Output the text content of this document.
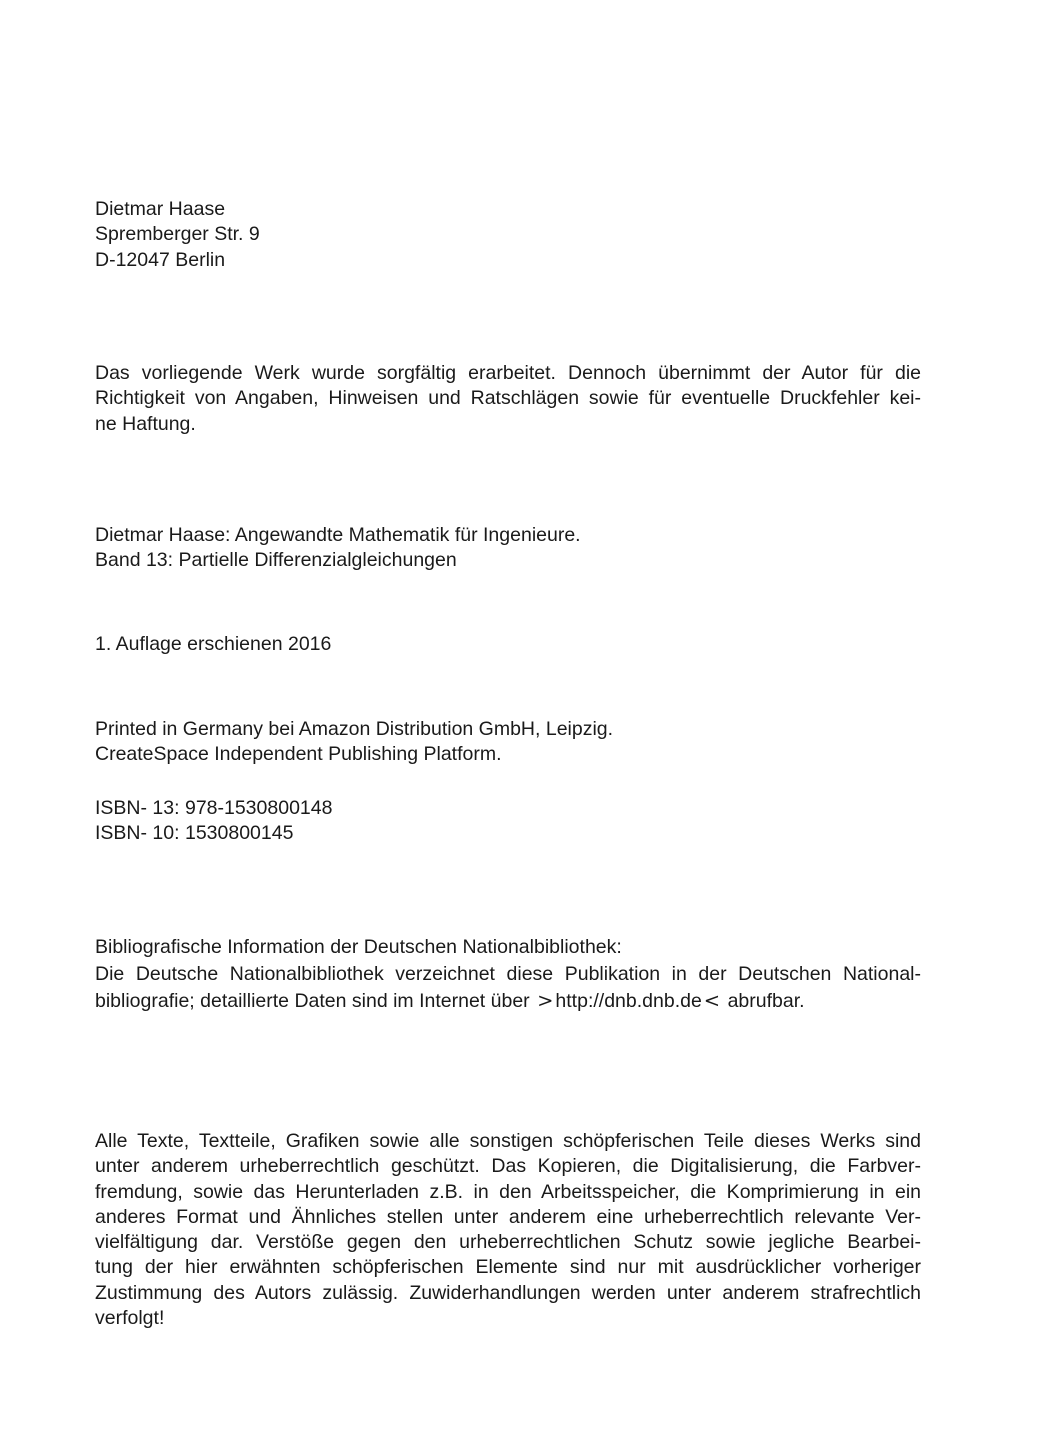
Dietmar Haase
Spremberger Str. 9
D-12047 Berlin
Das vorliegende Werk wurde sorgfältig erarbeitet. Dennoch übernimmt der Autor für die
Richtigkeit von Angaben, Hinweisen und Ratschlägen sowie für eventuelle Druckfehler kei-
ne Haftung.
Dietmar Haase: Angewandte Mathematik für Ingenieure.
Band 13: Partielle Differenzialgleichungen
1. Auflage erschienen 2016
Printed in Germany bei Amazon Distribution GmbH, Leipzig.
CreateSpace Independent Publishing Platform.
ISBN- 13: 978-1530800148
ISBN- 10: 1530800145
Bibliografische Information der Deutschen Nationalbibliothek:
Die Deutsche Nationalbibliothek verzeichnet diese Publikation in der Deutschen National-
bibliografie; detaillierte Daten sind im Internet über > http://dnb.dnb.de < abrufbar.
Alle Texte, Textteile, Grafiken sowie alle sonstigen schöpferischen Teile dieses Werks sind
unter anderem urheberrechtlich geschützt. Das Kopieren, die Digitalisierung, die Farbver-
fremdung, sowie das Herunterladen z.B. in den Arbeitsspeicher, die Komprimierung in ein
anderes Format und Ähnliches stellen unter anderem eine urheberrechtlich relevante Ver-
vielfältigung dar. Verstöße gegen den urheberrechtlichen Schutz sowie jegliche Bearbei-
tung der hier erwähnten schöpferischen Elemente sind nur mit ausdrücklicher vorheriger
Zustimmung des Autors zulässig. Zuwiderhandlungen werden unter anderem strafrechtlich
verfolgt!
